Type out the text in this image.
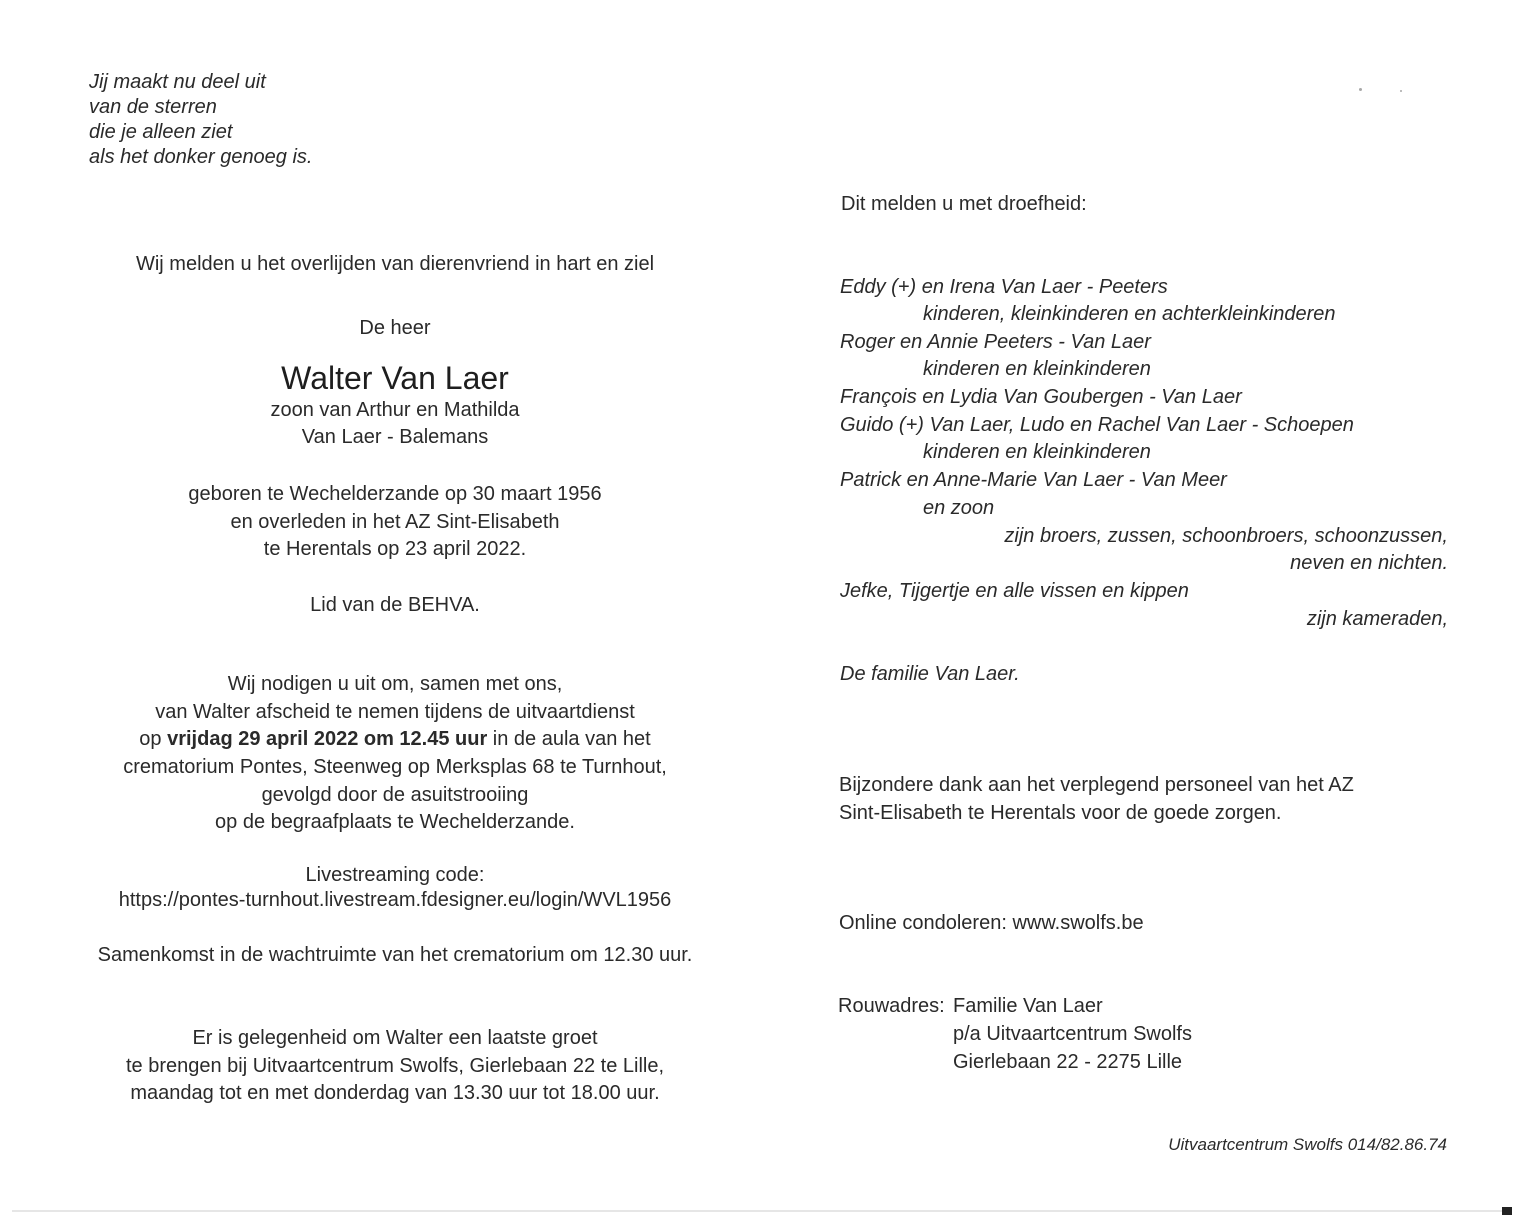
Jij maakt nu deel uit
van de sterren
die je alleen ziet
als het donker genoeg is.

Wij melden u het overlijden van dierenvriend in hart en ziel

De heer

Walter Van Laer

zoon van Arthur en Mathilda

Van Laer - Balemans

geboren te Wechelderzande op 30 maart 1956

en overleden in het AZ Sint-Elisabeth

te Herentals op 23 april 2022.

Lid van de BEHVA.

Wij nodigen u uit om, samen met ons,

van Walter afscheid te nemen tijdens de uitvaartdienst

op vrijdag 29 april 2022 om 12.45 uur in de aula van het

crematorium Pontes, Steenweg op Merksplas 68 te Turnhout,

gevolgd door de asuitstrooiing

op de begraafplaats te Wechelderzande.

Livestreaming code:

https://pontes-turnhout.livestream.fdesigner.eu/login/WVL1956

Samenkomst in de wachtruimte van het crematorium om 12.30 uur.

Er is gelegenheid om Walter een laatste groet

te brengen bij Uitvaartcentrum Swolfs, Gierlebaan 22 te Lille,

maandag tot en met donderdag van 13.30 uur tot 18.00 uur.

Dit melden u met droefheid:

Eddy (+) en Irena Van Laer - Peeters

kinderen, kleinkinderen en achterkleinkinderen

Roger en Annie Peeters - Van Laer

kinderen en kleinkinderen

François en Lydia Van Goubergen - Van Laer

Guido (+) Van Laer, Ludo en Rachel Van Laer - Schoepen

kinderen en kleinkinderen

Patrick en Anne-Marie Van Laer - Van Meer

en zoon

zijn broers, zussen, schoonbroers, schoonzussen,

neven en nichten.

Jefke, Tijgertje en alle vissen en kippen

zijn kameraden,

De familie Van Laer.

Bijzondere dank aan het verplegend personeel van het AZ

Sint-Elisabeth te Herentals voor de goede zorgen.

Online condoleren: www.swolfs.be

Rouwadres: Familie Van Laer

p/a Uitvaartcentrum Swolfs

Gierlebaan 22 - 2275 Lille

Uitvaartcentrum Swolfs 014/82.86.74
